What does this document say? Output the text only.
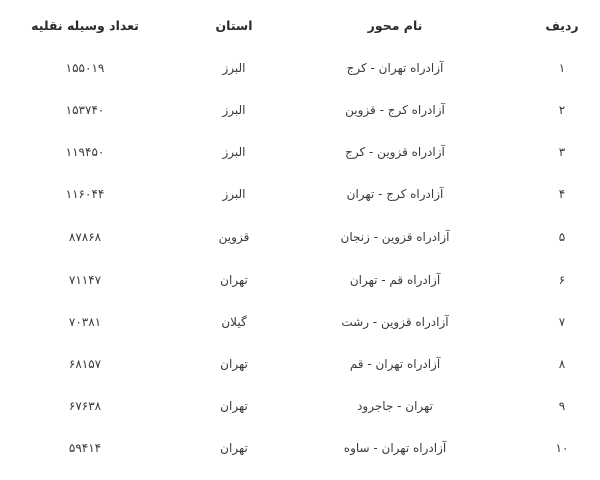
ردیف
نام محور
استان
تعداد وسیله نقلیه
۱
آزادراه تهران - کرج
البرز
۱۵۵۰۱۹
۲
آزادراه کرج - قزوین
البرز
۱۵۳۷۴۰
۳
آزادراه قزوین - کرج
البرز
۱۱۹۴۵۰
۴
آزادراه کرج - تهران
البرز
۱۱۶۰۴۴
۵
آزادراه قزوین - زنجان
قزوین
۸۷۸۶۸
۶
آزادراه قم - تهران
تهران
۷۱۱۴۷
۷
آزادراه قزوین - رشت
گیلان
۷۰۳۸۱
۸
آزادراه تهران - قم
تهران
۶۸۱۵۷
۹
تهران - جاجرود
تهران
۶۷۶۳۸
۱۰
آزادراه تهران - ساوه
تهران
۵۹۴۱۴
